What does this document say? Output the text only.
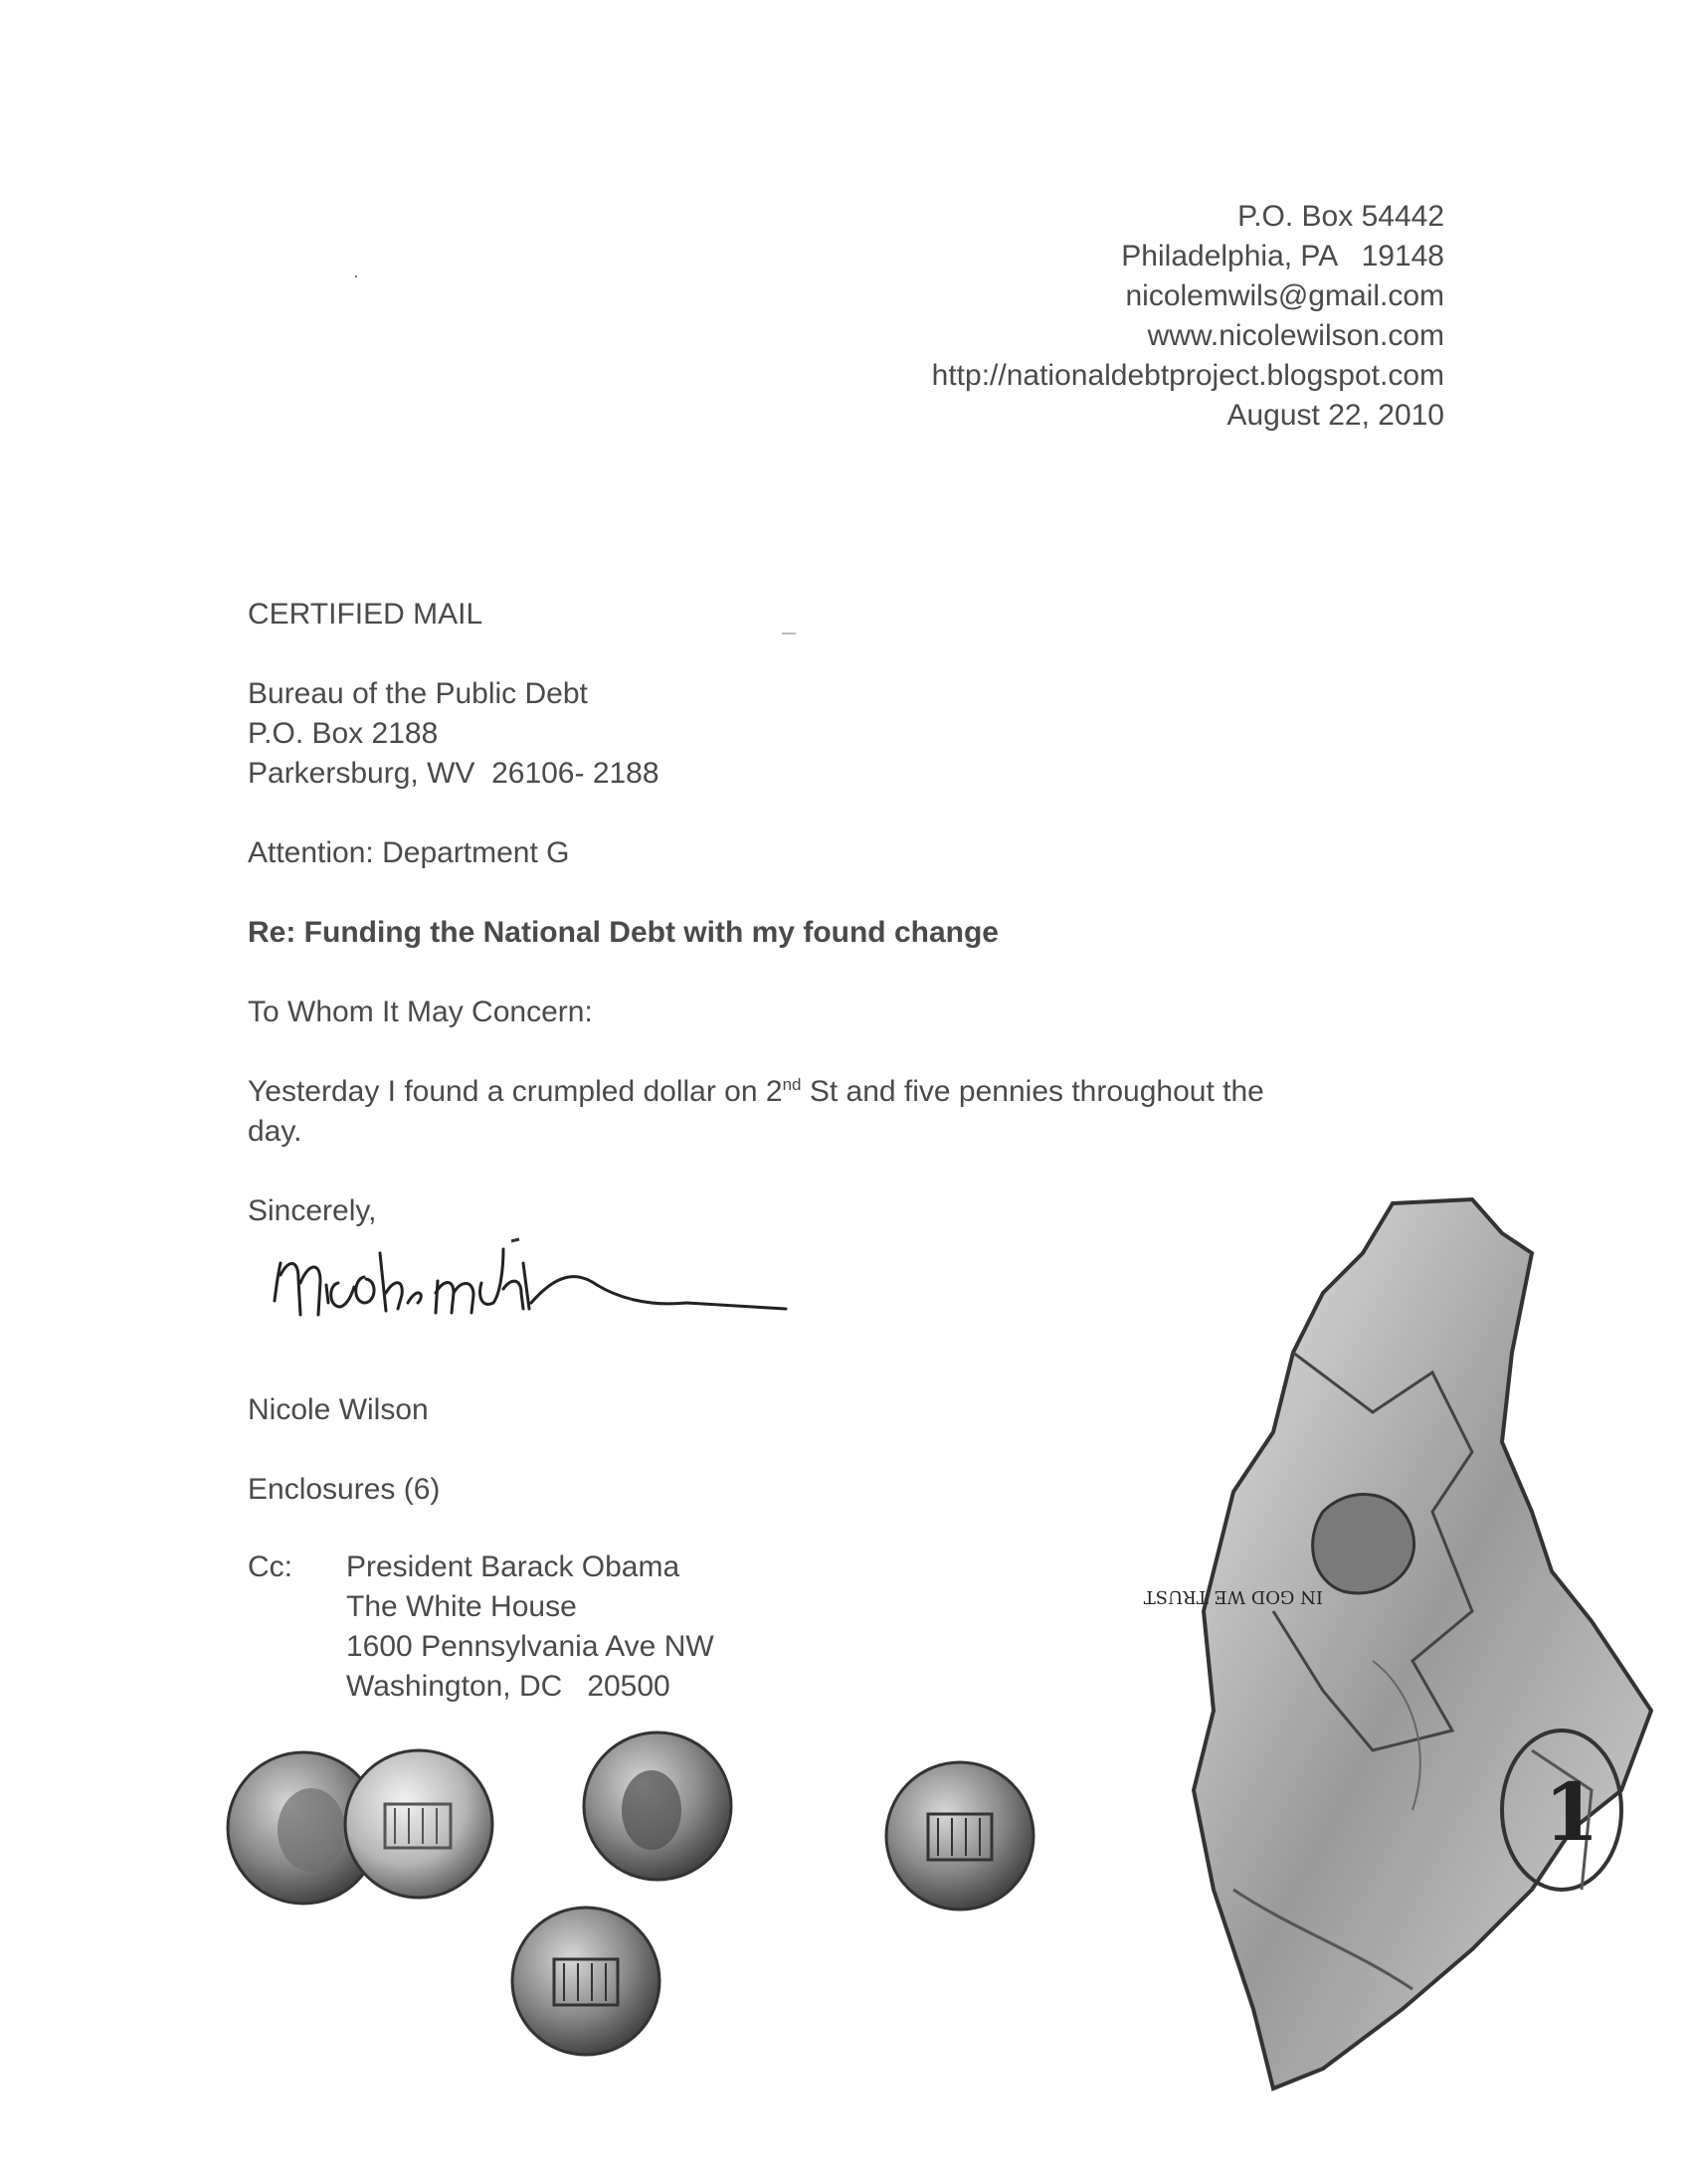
P.O. Box 54442
Philadelphia, PA   19148
nicolemwils@gmail.com
www.nicolewilson.com
http://nationaldebtproject.blogspot.com
August 22, 2010
CERTIFIED MAIL
Bureau of the Public Debt
P.O. Box 2188
Parkersburg, WV  26106- 2188
Attention: Department G
Re: Funding the National Debt with my found change
To Whom It May Concern:
Yesterday I found a crumpled dollar on 2nd St and five pennies throughout the
day.
Sincerely,
Nicole Wilson
Enclosures (6)
Cc: President Barack Obama
The White House
1600 Pennsylvania Ave NW
Washington, DC   20500
1
IN GOD WE TRUST
